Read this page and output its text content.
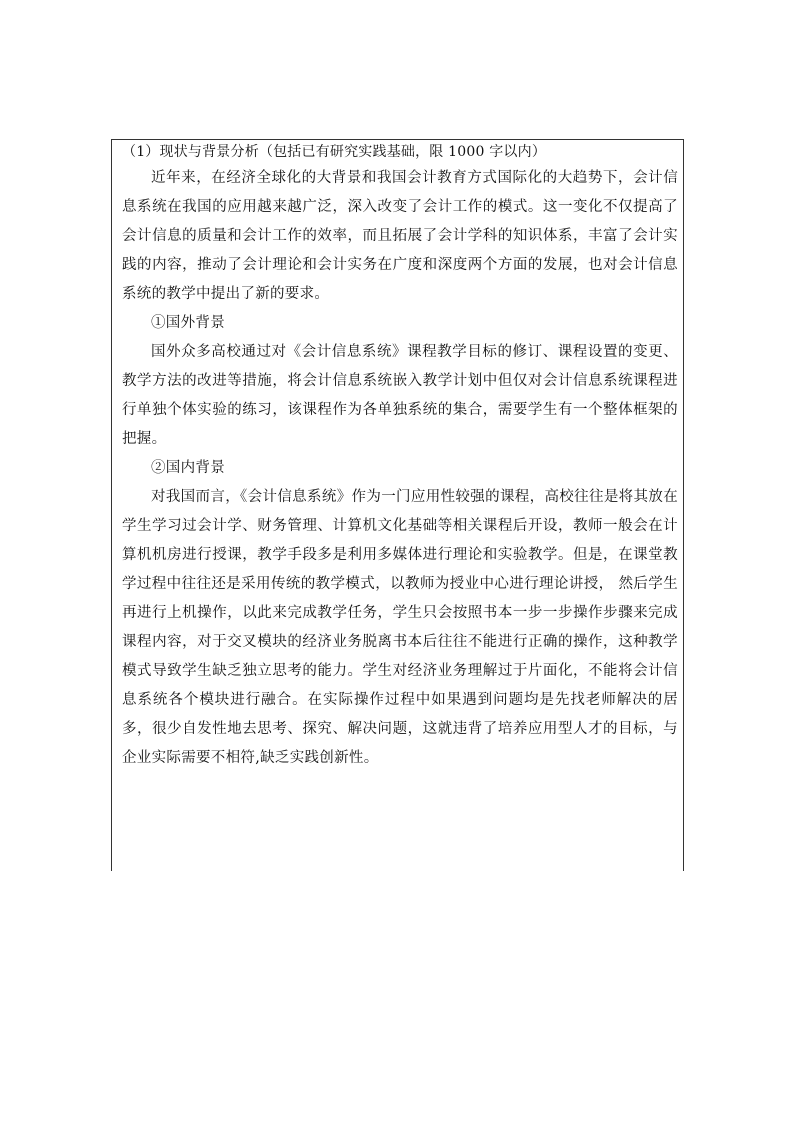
（1）现状与背景分析（包括已有研究实践基础，限 1000 字以内）

近年来，在经济全球化的大背景和我国会计教育方式国际化的大趋势下，会计信息系统在我国的应用越来越广泛，深入改变了会计工作的模式。这一变化不仅提高了会计信息的质量和会计工作的效率，而且拓展了会计学科的知识体系，丰富了会计实践的内容，推动了会计理论和会计实务在广度和深度两个方面的发展，也对会计信息系统的教学中提出了新的要求。

①国外背景

国外众多高校通过对《会计信息系统》课程教学目标的修订、课程设置的变更、教学方法的改进等措施，将会计信息系统嵌入教学计划中但仅对会计信息系统课程进行单独个体实验的练习，该课程作为各单独系统的集合，需要学生有一个整体框架的把握。

②国内背景

对我国而言，《会计信息系统》作为一门应用性较强的课程，高校往往是将其放在学生学习过会计学、财务管理、计算机文化基础等相关课程后开设，教师一般会在计算机机房进行授课，教学手段多是利用多媒体进行理论和实验教学。但是，在课堂教学过程中往往还是采用传统的教学模式，以教师为授业中心进行理论讲授， 然后学生再进行上机操作，以此来完成教学任务，学生只会按照书本一步一步操作步骤来完成课程内容，对于交叉模块的经济业务脱离书本后往往不能进行正确的操作，这种教学模式导致学生缺乏独立思考的能力。学生对经济业务理解过于片面化，不能将会计信息系统各个模块进行融合。在实际操作过程中如果遇到问题均是先找老师解决的居多，很少自发性地去思考、探究、解决问题，这就违背了培养应用型人才的目标，与企业实际需要不相符,缺乏实践创新性。
